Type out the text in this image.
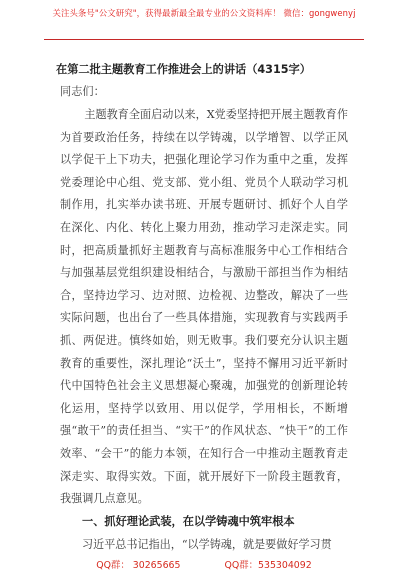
关注头条号"公文研究"，获得最新最全最专业的公文资料库！ 微信：gongwenyj
在第二批主题教育工作推进会上的讲话（4315字）
同志们：

主题教育全面启动以来，X党委坚持把开展主题教育作为首要政治任务，持续在以学铸魂，以学增智、以学正风以学促干上下功夫，把强化理论学习作为重中之重，发挥党委理论中心组、党支部、党小组、党员个人联动学习机制作用，扎实举办读书班、开展专题研讨、抓好个人自学在深化、内化、转化上聚力用劲，推动学习走深走实。同时，把高质量抓好主题教育与高标准服务中心工作相结合与加强基层党组织建设相结合，与激励干部担当作为相结合，坚持边学习、边对照、边检视、边整改，解决了一些实际问题，也出台了一些具体措施，实现教育与实践两手抓、两促进。慎终如始，则无败事。我们要充分认识主题教育的重要性，深扎理论“沃土”，坚持不懈用习近平新时代中国特色社会主义思想凝心聚魂，加强党的创新理论转化运用，坚持学以致用、用以促学，学用相长，不断增强“敢干”的责任担当、“实干”的作风状态、“快干”的工作效率、“会干”的能力本领，在知行合一中推动主题教育走深走实、取得实效。下面，就开展好下一阶段主题教育，我强调几点意见。

一、抓好理论武装，在以学铸魂中筑牢根本
习近平总书记指出，“以学铸魂，就是要做好学习贯
QQ群： 30265665	QQ群：535304092
